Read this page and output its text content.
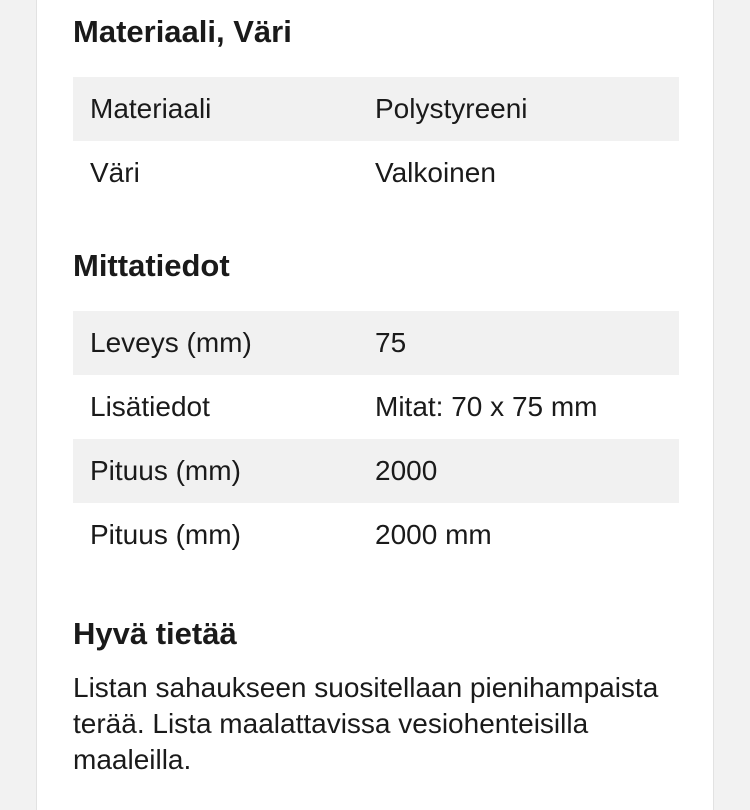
Materiaali, Väri
Materiaali	Polystyreeni
Väri	Valkoinen
Mittatiedot
Leveys (mm)	75
Lisätiedot	Mitat: 70 x 75 mm
Pituus (mm)	2000
Pituus (mm)	2000 mm
Hyvä tietää

Listan sahaukseen suositellaan pienihampaista terää. Lista maalattavissa vesiohenteisilla maaleilla.
